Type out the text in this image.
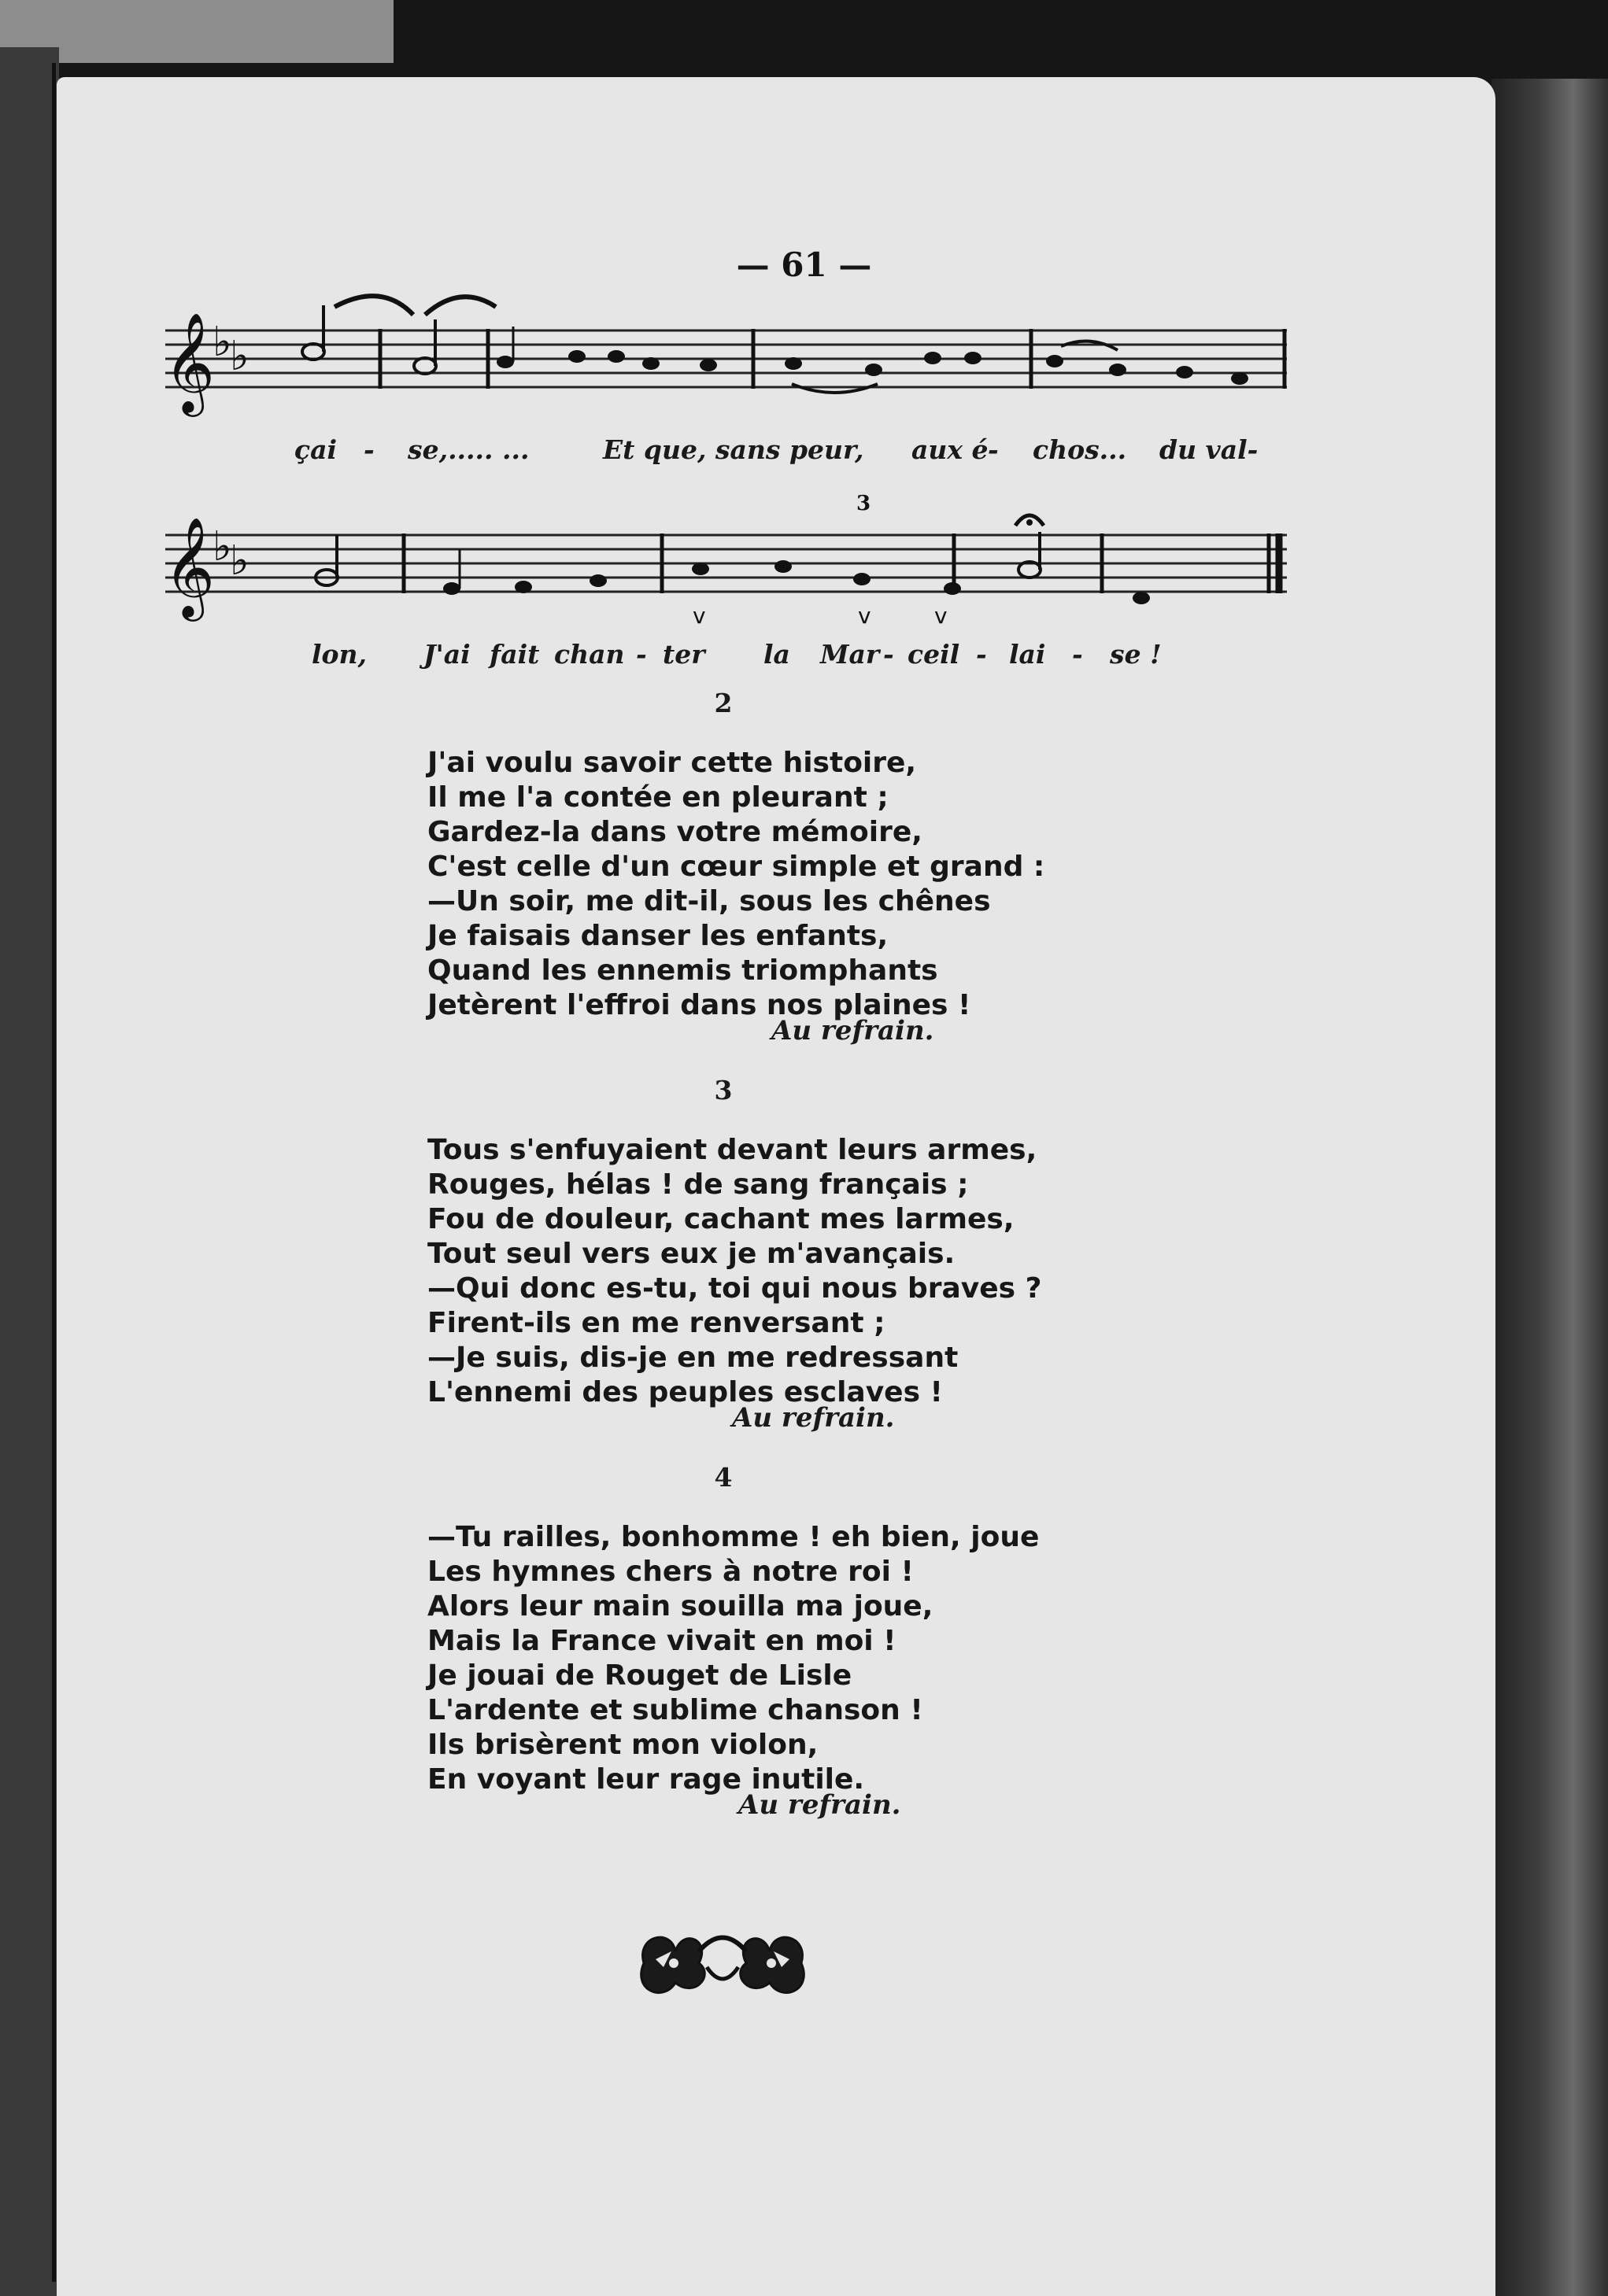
— 61 —
𝄞
♭
♭
çai - se,..... ...	Et que, sans peur, aux é - chos... du val-
𝄞
♭
♭
3
v	v	v
lon, J'ai fait chan - ter la Mar - ceil - lai - se !
2
J'ai voulu savoir cette histoire,
Il me l'a contée en pleurant ;
Gardez-la dans votre mémoire,
C'est celle d'un cœur simple et grand :
—Un soir, me dit-il, sous les chênes
Je faisais danser les enfants,
Quand les ennemis triomphants
Jetèrent l'effroi dans nos plaines !
Au refrain.
3
Tous s'enfuyaient devant leurs armes,
Rouges, hélas ! de sang français ;
Fou de douleur, cachant mes larmes,
Tout seul vers eux je m'avançais.
—Qui donc es-tu, toi qui nous braves ?
Firent-ils en me renversant ;
—Je suis, dis-je en me redressant
L'ennemi des peuples esclaves !
Au refrain.
4
—Tu railles, bonhomme ! eh bien, joue
Les hymnes chers à notre roi !
Alors leur main souilla ma joue,
Mais la France vivait en moi !
Je jouai de Rouget de Lisle
L'ardente et sublime chanson !
Ils brisèrent mon violon,
En voyant leur rage inutile.
Au refrain.
